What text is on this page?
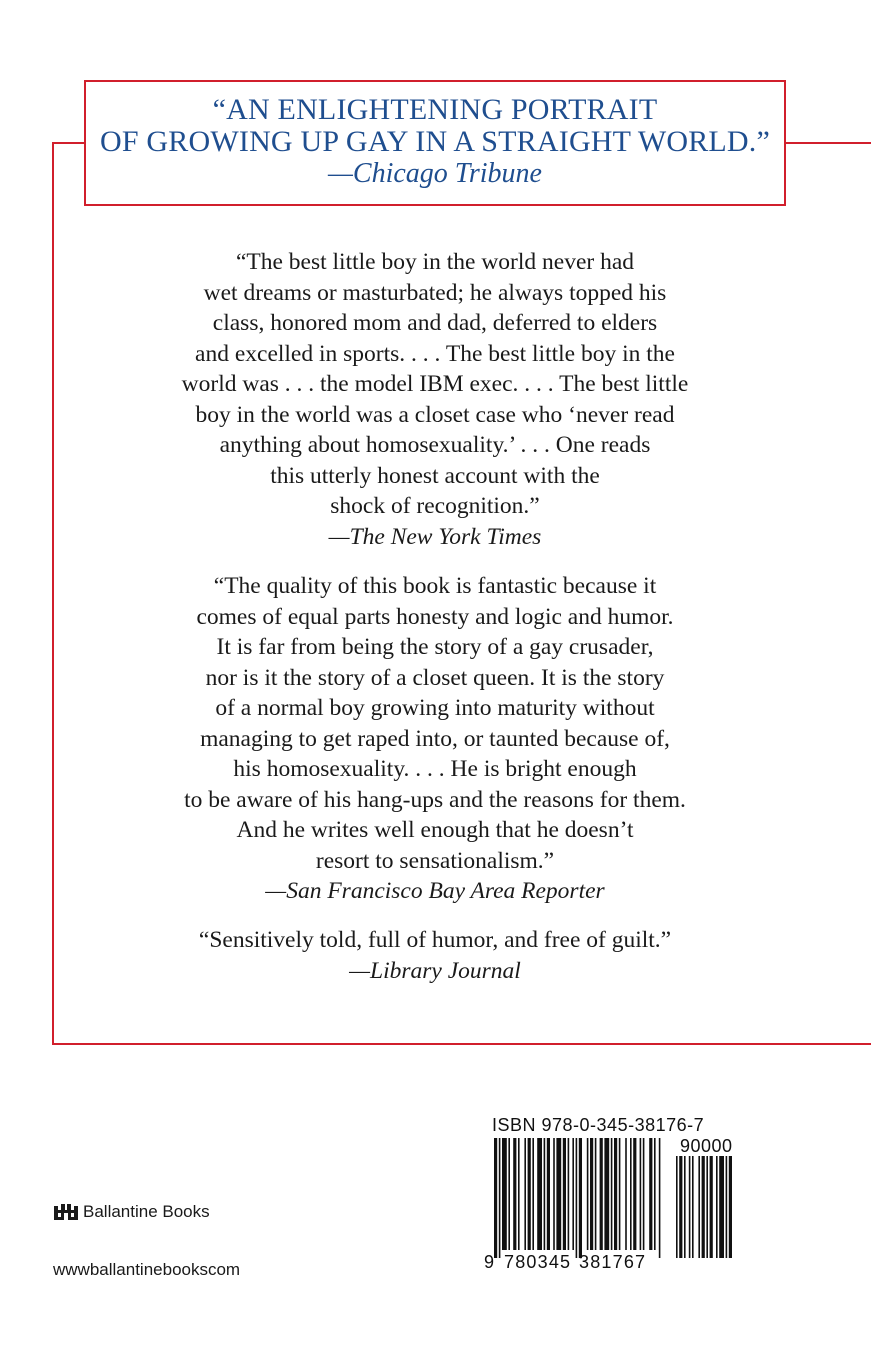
“AN ENLIGHTENING PORTRAIT
OF GROWING UP GAY IN A STRAIGHT WORLD.”
—Chicago Tribune
“The best little boy in the world never had
wet dreams or masturbated; he always topped his
class, honored mom and dad, deferred to elders
and excelled in sports. . . . The best little boy in the
world was . . . the model IBM exec. . . . The best little
boy in the world was a closet case who ‘never read
anything about homosexuality.’ . . . One reads
this utterly honest account with the
shock of recognition.”
—The New York Times
“The quality of this book is fantastic because it
comes of equal parts honesty and logic and humor.
It is far from being the story of a gay crusader,
nor is it the story of a closet queen. It is the story
of a normal boy growing into maturity without
managing to get raped into, or taunted because of,
his homosexuality. . . . He is bright enough
to be aware of his hang-ups and the reasons for them.
And he writes well enough that he doesn’t
resort to sensationalism.”
—San Francisco Bay Area Reporter
“Sensitively told, full of humor, and free of guilt.”
—Library Journal
Ballantine Books
wwwballantinebookscom
ISBN 978-0-345-38176-7
90000
9 780345 381767
